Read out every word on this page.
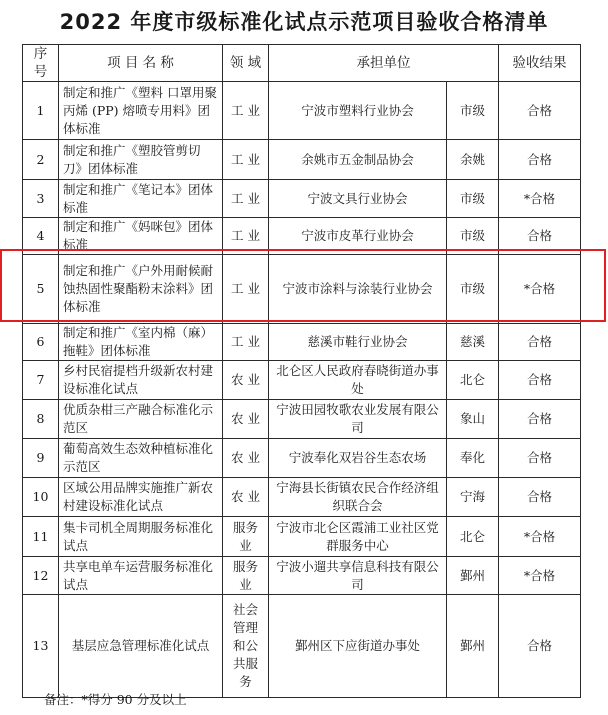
2022 年度市级标准化试点示范项目验收合格清单
序
号	项 目 名 称	领 域	承担单位		验收结果
1	制定和推广《塑料 口罩用聚丙烯 (PP) 熔喷专用料》团体标准	工 业	宁波市塑料行业协会	市级	合格
2	制定和推广《塑胶管剪切刀》团体标准	工 业	余姚市五金制品协会	余姚	合格
3	制定和推广《笔记本》团体标准	工 业	宁波文具行业协会	市级	*合格
4	制定和推广《妈咪包》团体标准	工 业	宁波市皮革行业协会	市级	合格
5	制定和推广《户外用耐候耐蚀热固性聚酯粉末涂料》团体标准	工 业	宁波市涂料与涂装行业协会	市级	*合格
6	制定和推广《室内棉（麻）拖鞋》团体标准	工 业	慈溪市鞋行业协会	慈溪	合格
7	乡村民宿提档升级新农村建设标准化试点	农 业	北仑区人民政府春晓街道办事处	北仑	合格
8	优质杂柑三产融合标准化示范区	农 业	宁波田园牧歌农业发展有限公司	象山	合格
9	葡萄高效生态效种植标准化示范区	农 业	宁波奉化双岩谷生态农场	奉化	合格
10	区域公用品牌实施推广新农村建设标准化试点	农 业	宁海县长街镇农民合作经济组织联合会	宁海	合格
11	集卡司机全周期服务标准化试点	服务业	宁波市北仑区霞浦工业社区党群服务中心	北仑	*合格
12	共享电单车运营服务标准化试点	服务业	宁波小遛共享信息科技有限公司	鄞州	*合格
13	基层应急管理标准化试点	社会管理和公共服务	鄞州区下应街道办事处	鄞州	合格
备注：*得分 90 分及以上
